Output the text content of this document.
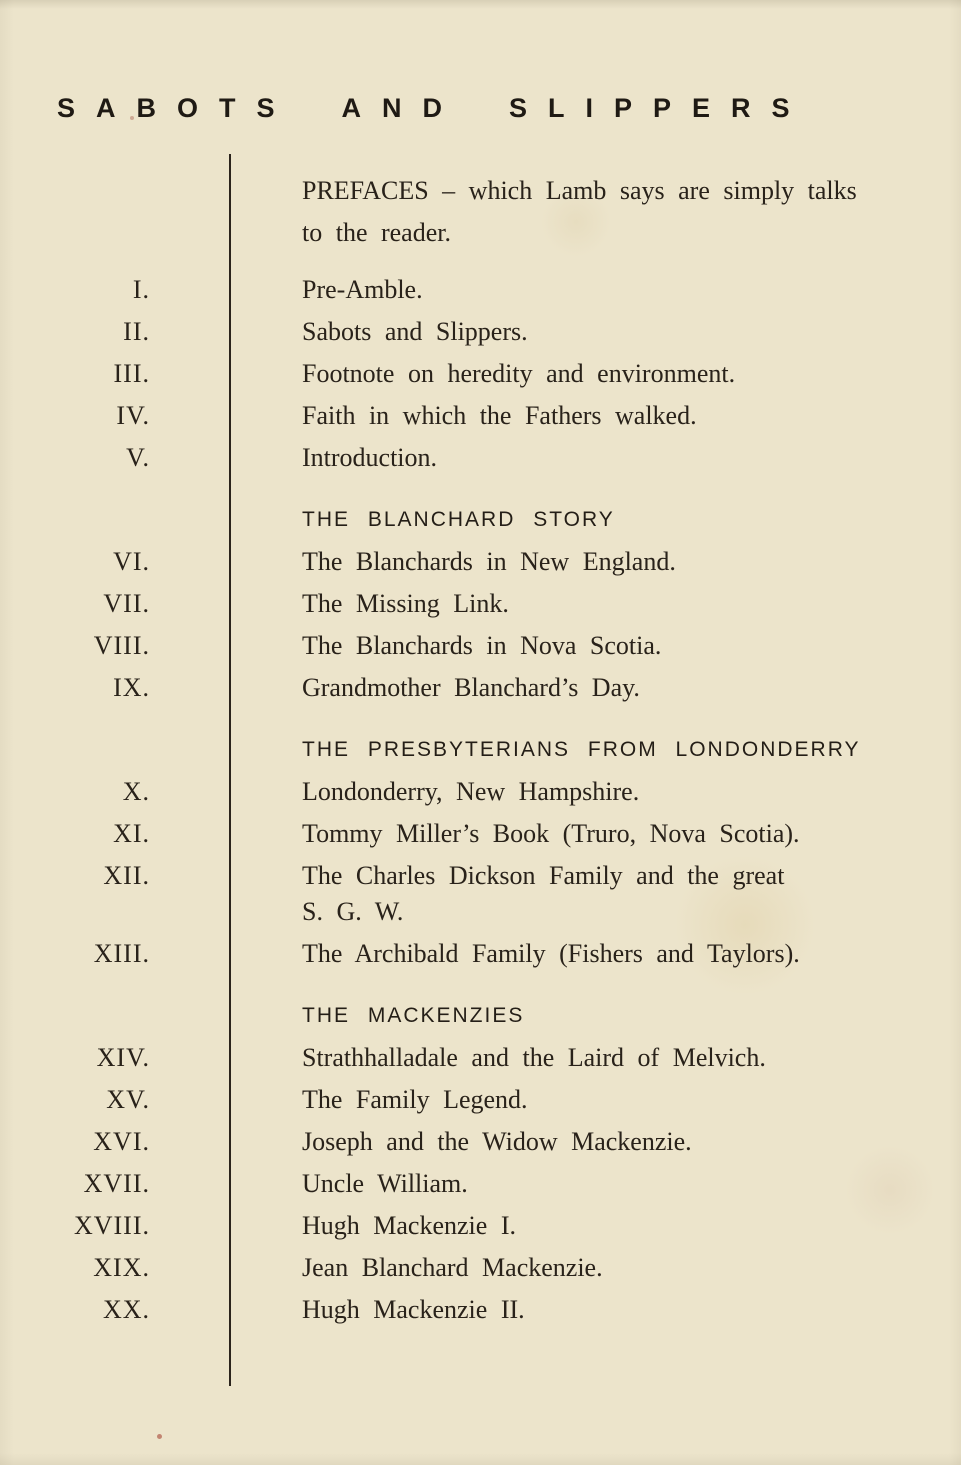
SABOTS AND SLIPPERS
PREFACES – which Lamb says are simply talks
to the reader.
I.	Pre-Amble.
II.	Sabots and Slippers.
III.	Footnote on heredity and environment.
IV.	Faith in which the Fathers walked.
V.	Introduction.
THE BLANCHARD STORY
VI.	The Blanchards in New England.
VII.	The Missing Link.
VIII.	The Blanchards in Nova Scotia.
IX.	Grandmother Blanchard’s Day.
THE PRESBYTERIANS FROM LONDONDERRY
X.	Londonderry, New Hampshire.
XI.	Tommy Miller’s Book (Truro, Nova Scotia).
XII.	The Charles Dickson Family and the great
S. G. W.
XIII.	The Archibald Family (Fishers and Taylors).
THE MACKENZIES
XIV.	Strathhalladale and the Laird of Melvich.
XV.	The Family Legend.
XVI.	Joseph and the Widow Mackenzie.
XVII.	Uncle William.
XVIII.	Hugh Mackenzie I.
XIX.	Jean Blanchard Mackenzie.
XX.	Hugh Mackenzie II.
